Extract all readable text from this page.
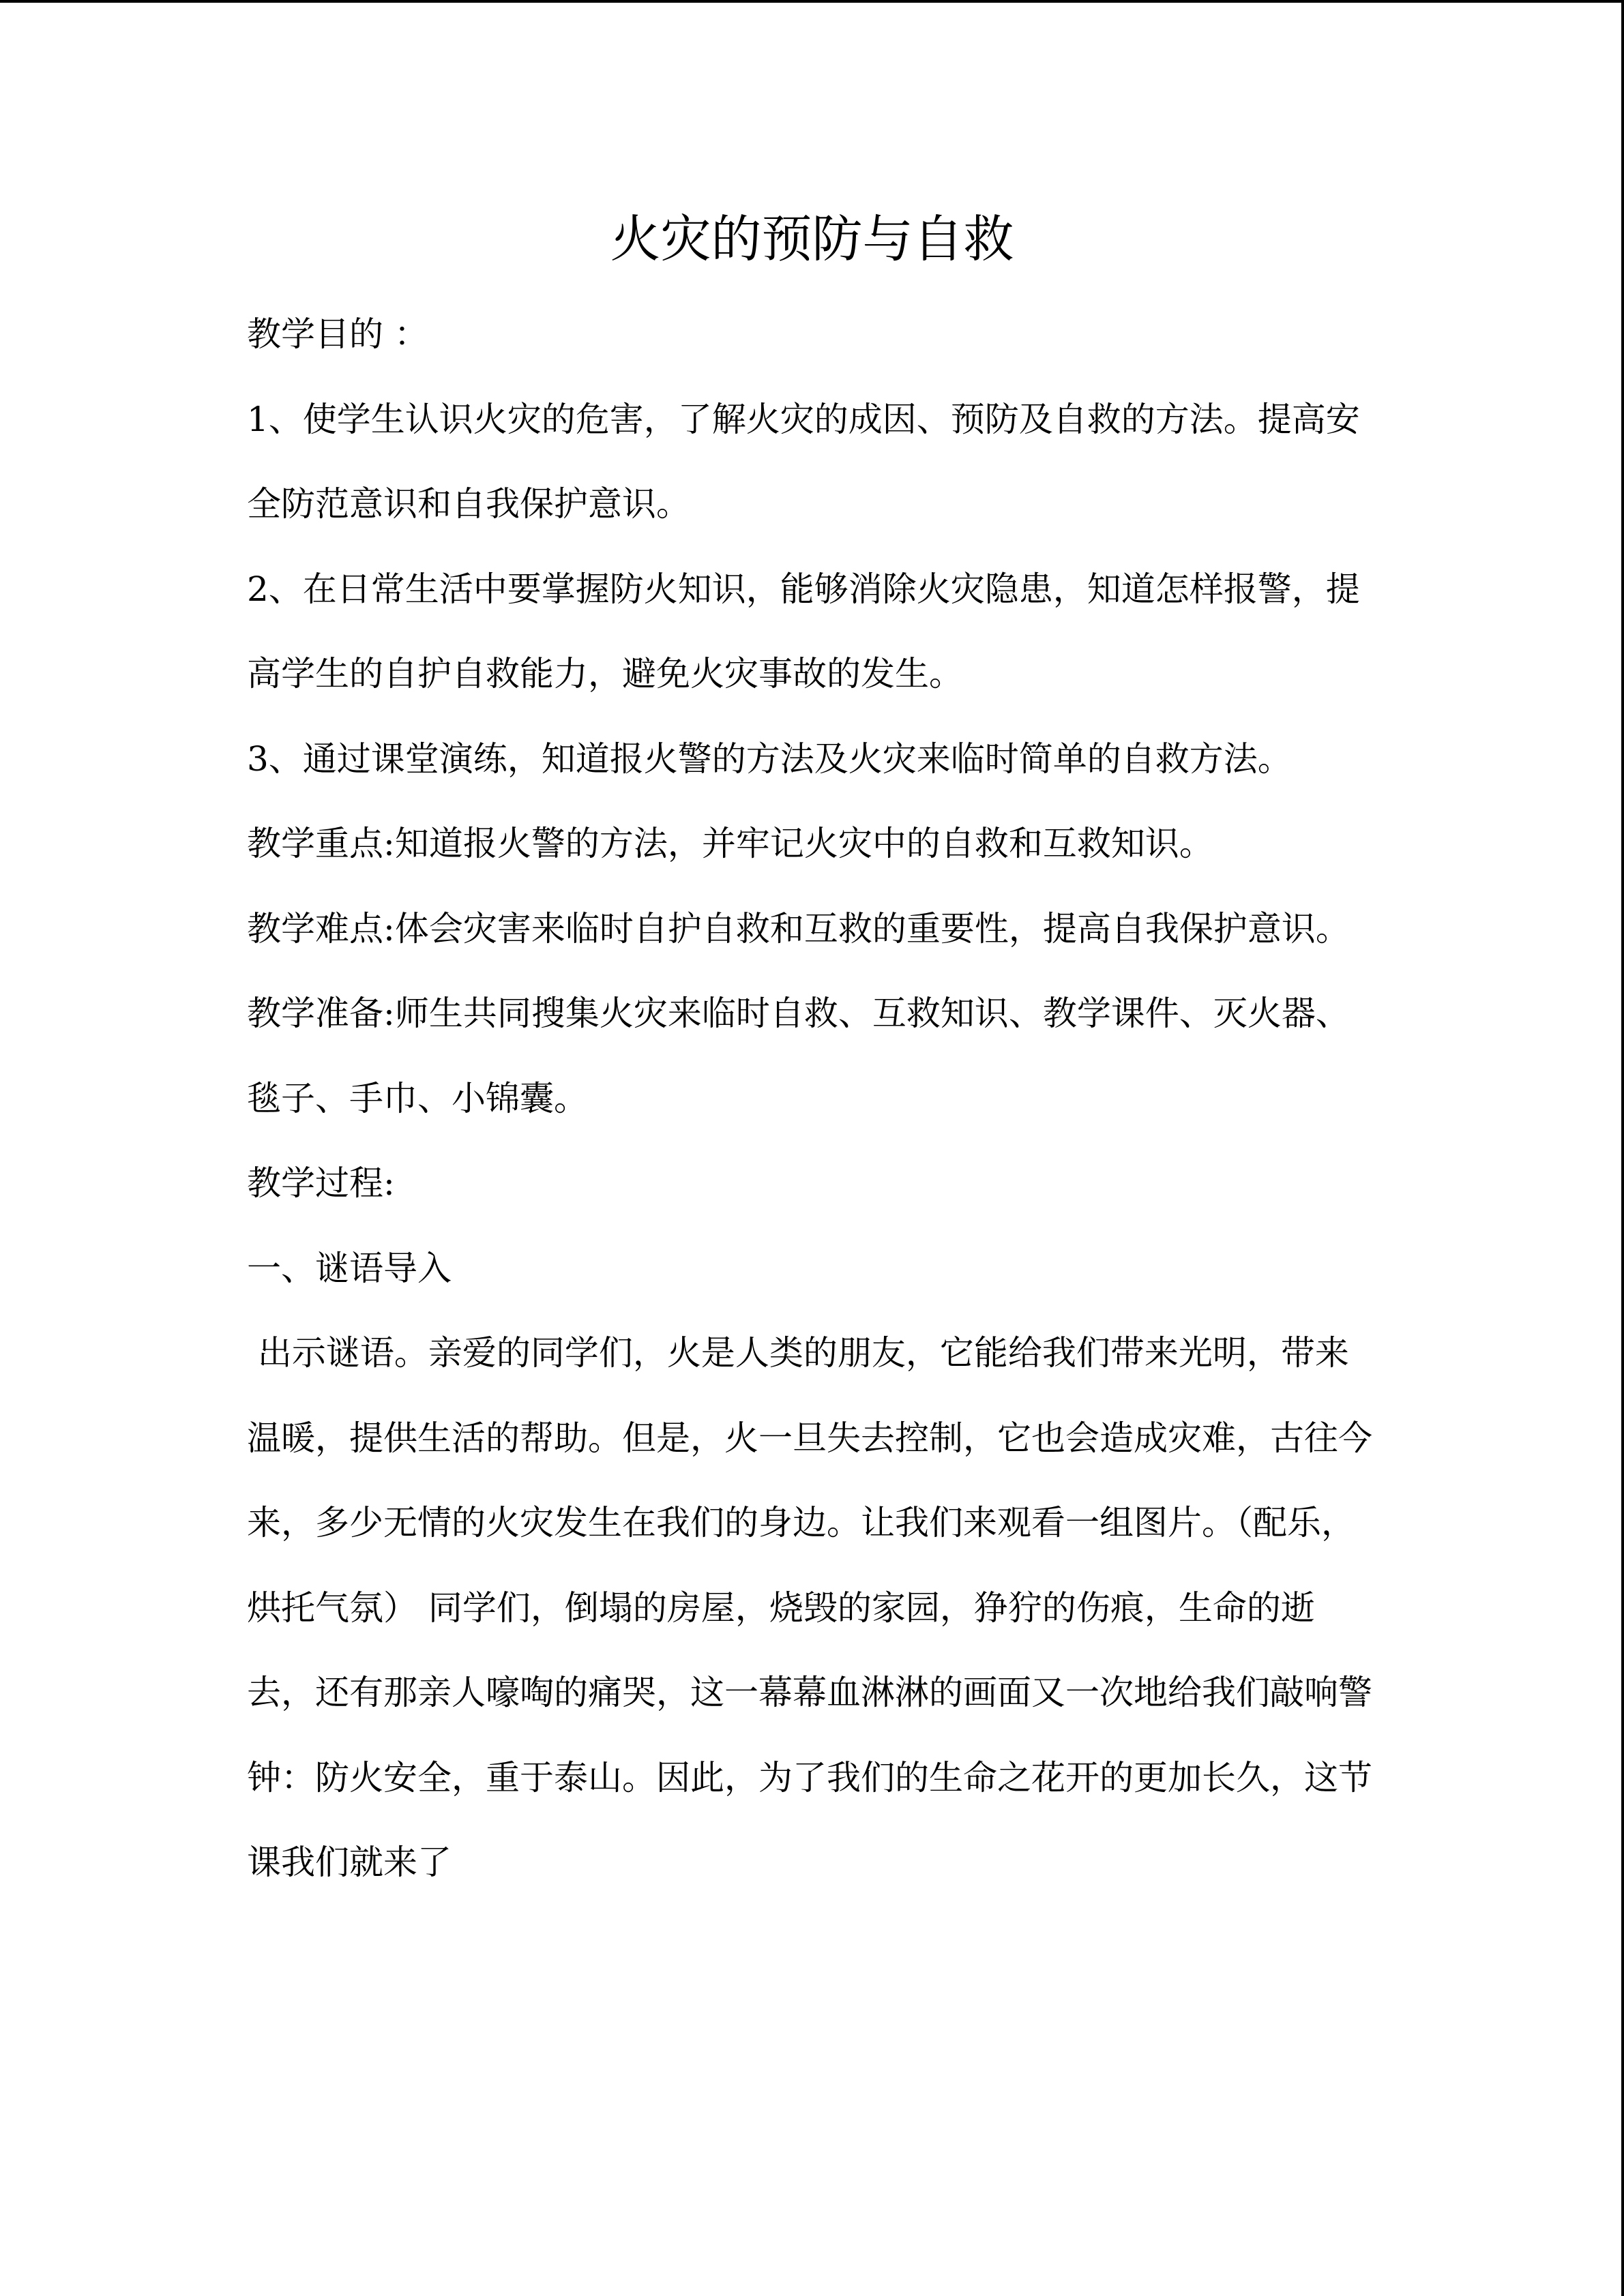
火灾的预防与自救

教学目的 ：

1、使学生认识火灾的危害，了解火灾的成因、预防及自救的方法。提高安全防范意识和自我保护意识。

2、在日常生活中要掌握防火知识，能够消除火灾隐患，知道怎样报警，提高学生的自护自救能力，避免火灾事故的发生。

3、通过课堂演练，知道报火警的方法及火灾来临时简单的自救方法。

教学重点:知道报火警的方法，并牢记火灾中的自救和互救知识。

教学难点:体会灾害来临时自护自救和互救的重要性，提高自我保护意识。

教学准备:师生共同搜集火灾来临时自救、互救知识、教学课件、灭火器、毯子、手巾、小锦囊。

教学过程:

一、谜语导入

出示谜语。亲爱的同学们，火是人类的朋友，它能给我们带来光明，带来温暖，提供生活的帮助。但是，火一旦失去控制，它也会造成灾难，古往今来，多少无情的火灾发生在我们的身边。让我们来观看一组图片。（配乐，烘托气氛） 同学们，倒塌的房屋，烧毁的家园，狰狞的伤痕，生命的逝去，还有那亲人嚎啕的痛哭，这一幕幕血淋淋的画面又一次地给我们敲响警钟：防火安全，重于泰山。因此，为了我们的生命之花开的更加长久，这节课我们就来了
